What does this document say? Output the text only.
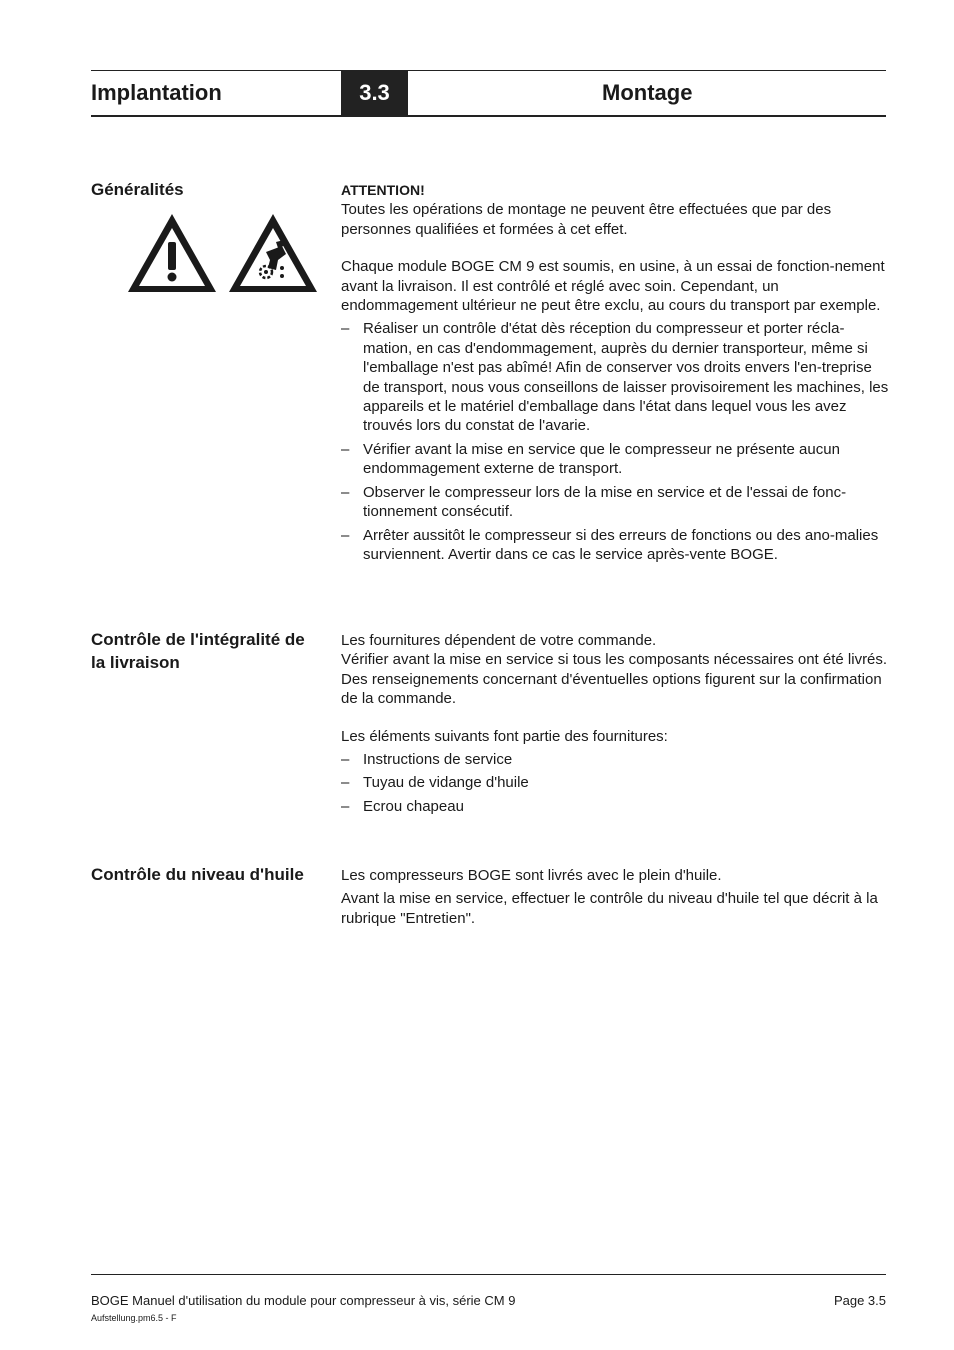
Implantation	3.3	Montage
Généralités	ATTENTION!

Toutes les opérations de montage ne peuvent être effectuées que par des personnes qualifiées et formées à cet effet.

Chaque module BOGE CM 9 est soumis, en usine, à un essai de fonction-nement avant la livraison. Il est contrôlé et réglé avec soin. Cependant, un endommagement ultérieur ne peut être exclu, au cours du transport par exemple.

– Réaliser un contrôle d'état dès réception du compresseur et porter récla-mation, en cas d'endommagement, auprès du dernier transporteur, même si l'emballage n'est pas abîmé! Afin de conserver vos droits envers l'en-treprise de transport, nous vous conseillons de laisser provisoirement les machines, les appareils et le matériel d'emballage dans l'état dans lequel vous les avez trouvés lors du constat de l'avarie.
– Vérifier avant la mise en service que le compresseur ne présente aucun endommagement externe de transport.
– Observer le compresseur lors de la mise en service et de l'essai de fonc-tionnement consécutif.
– Arrêter aussitôt le compresseur si des erreurs de fonctions ou des ano-malies surviennent. Avertir dans ce cas le service après-vente BOGE.
Contrôle de l'intégralité de la livraison

Les fournitures dépendent de votre commande.

Vérifier avant la mise en service si tous les composants nécessaires ont été livrés. Des renseignements concernant d'éventuelles options figurent sur la confirmation de la commande.

Les éléments suivants font partie des fournitures:

– Instructions de service
– Tuyau de vidange d'huile
– Ecrou chapeau
Contrôle du niveau d'huile	Les compresseurs BOGE sont livrés avec le plein d'huile.

Avant la mise en service, effectuer le contrôle du niveau d'huile tel que décrit à la rubrique "Entretien".

BOGE Manuel d'utilisation du module pour compresseur à vis, série CM 9
Aufstellung.pm6.5 - F
Page 3.5
